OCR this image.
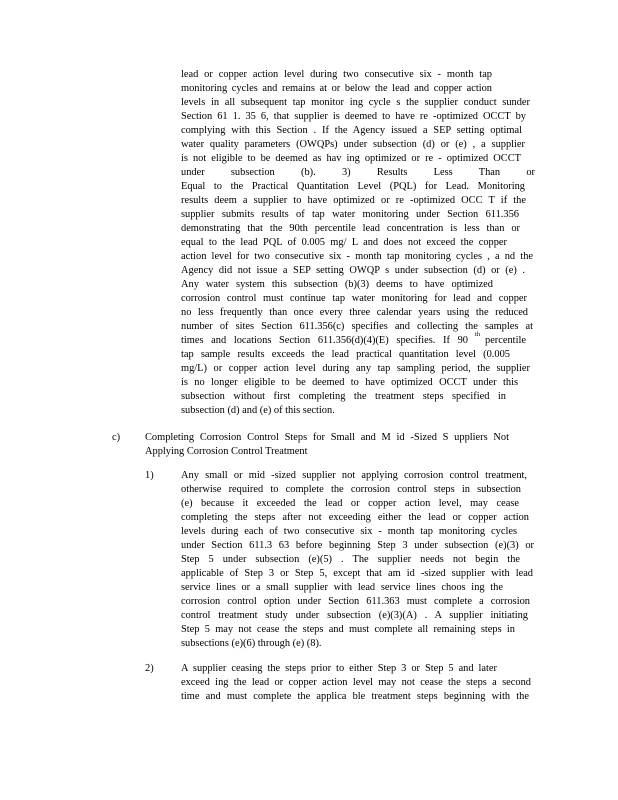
lead or copper action level during two consecutive six - month tap
monitoring cycles and remains at or below the lead and copper action
levels in all subsequent tap monitor ing cycle s the supplier conduct sunder
Section 61 1. 35 6, that supplier is deemed to have re -optimized OCCT by
complying with this Section . If the Agency issued a SEP setting optimal
water quality parameters (OWQPs) under subsection (d) or (e) , a supplier
is not eligible to be deemed as hav ing optimized or re - optimized OCCT
under subsection (b). 3) Results Less Than or
Equal to the Practical Quantitation Level (PQL) for Lead. Monitoring
results deem a supplier to have optimized or re -optimized OCC T if the
supplier submits results of tap water monitoring under Section 611.356
demonstrating that the 90th percentile lead concentration is less than or
equal to the lead PQL of 0.005 mg/ L and does not exceed the copper
action level for two consecutive six - month tap monitoring cycles , a nd the
Agency did not issue a SEP setting OWQP s under subsection (d) or (e) .
Any water system this subsection (b)(3) deems to have optimized
corrosion control must continue tap water monitoring for lead and copper
no less frequently than once every three calendar years using the reduced
number of sites Section 611.356(c) specifies and collecting the samples at
times and locations Section 611.356(d)(4)(E) specifies. If 90
$^{th}$
percentile
tap sample results exceeds the lead practical quantitation level (0.005
mg/L) or copper action level during any tap sampling period, the supplier
is no longer eligible to be deemed to have optimized OCCT under this
subsection without first completing the treatment steps specified in
subsection (d) and (e) of this section.
c) Completing Corrosion Control Steps for Small and M id -Sized S uppliers Not
Applying Corrosion Control Treatment
1)	Any small or mid -sized supplier not applying corrosion control treatment,
otherwise required to complete the corrosion control steps in subsection
(e) because it exceeded the lead or copper action level, may cease
completing the steps after not exceeding either the lead or copper action
levels during each of two consecutive six - month tap monitoring cycles
under Section 611.3 63 before beginning Step 3 under subsection (e)(3) or
Step 5 under subsection (e)(5) . The supplier needs not begin the
applicable of Step 3 or Step 5, except that am id -sized supplier with lead
service lines or a small supplier with lead service lines choos ing the
corrosion control option under Section 611.363 must complete a corrosion
control treatment study under subsection (e)(3)(A) . A supplier initiating
Step 5 may not cease the steps and must complete all remaining steps in
subsections (e)(6) through (e) (8).
2)	A supplier ceasing the steps prior to either Step 3 or Step 5 and later
exceed ing the lead or copper action level may not cease the steps a second
time and must complete the applica ble treatment steps beginning with the
